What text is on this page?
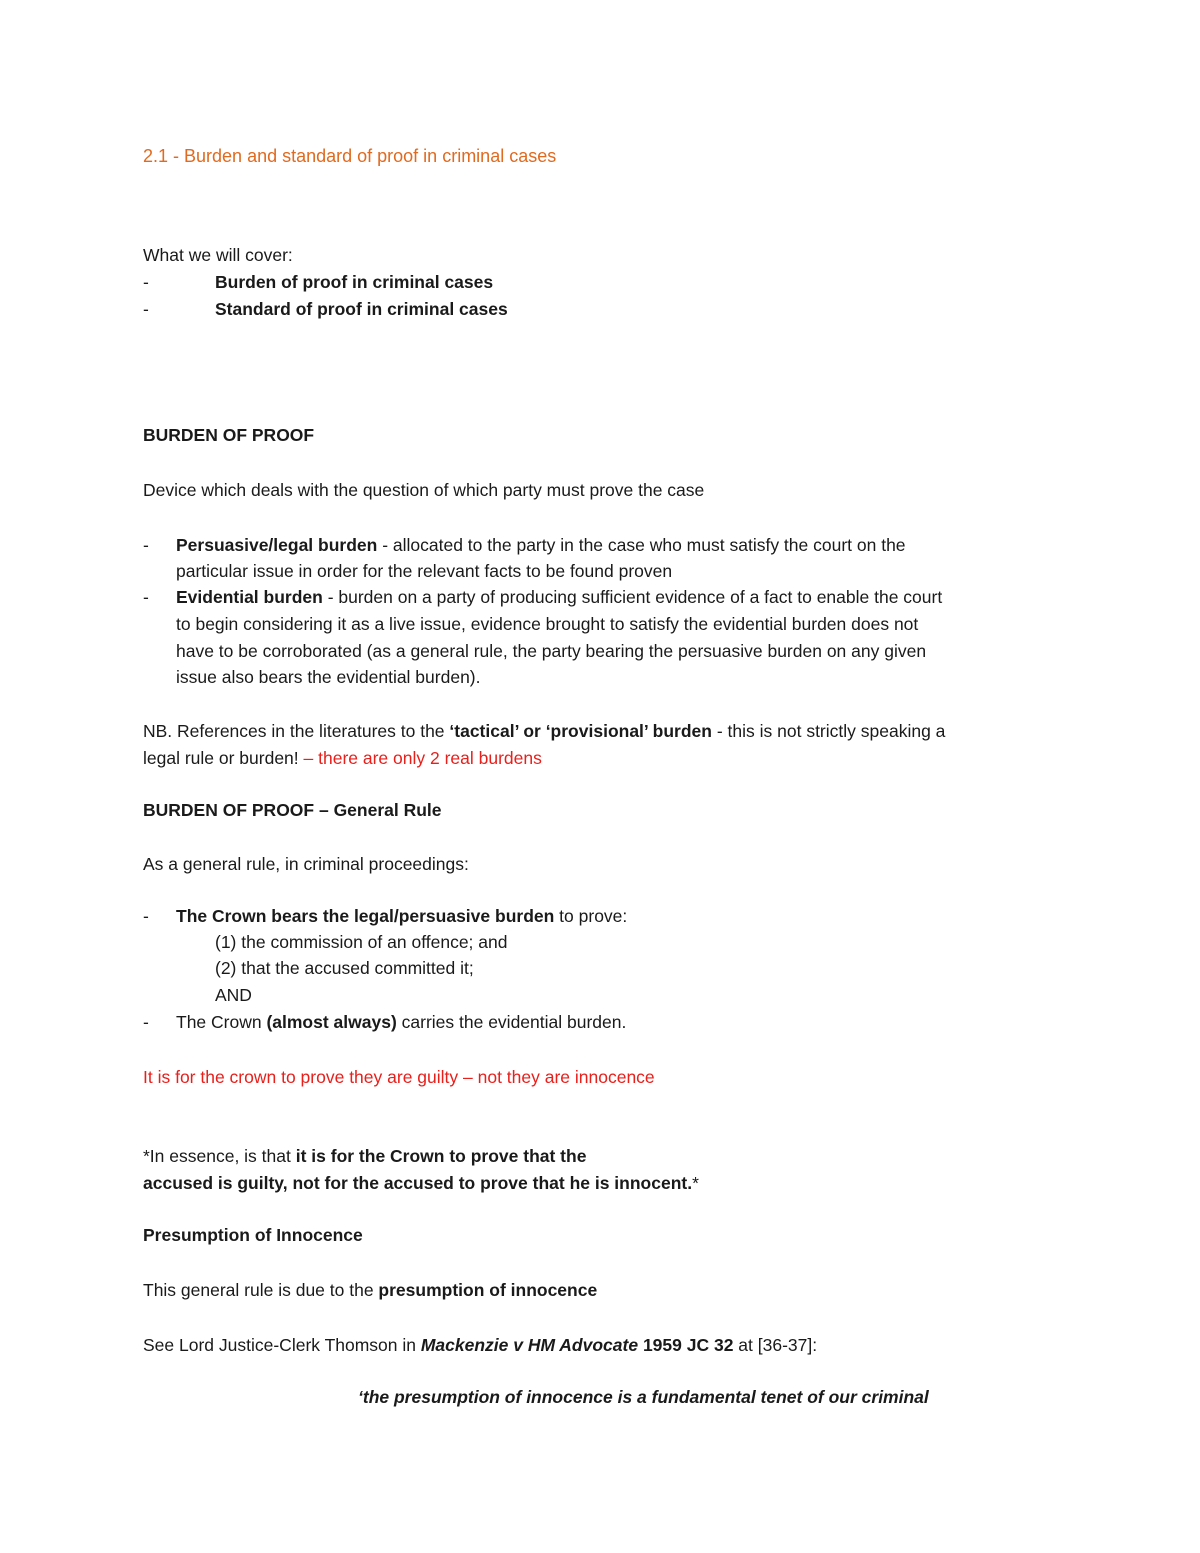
2.1 - Burden and standard of proof in criminal cases
What we will cover:
-	Burden of proof in criminal cases
-	Standard of proof in criminal cases
BURDEN OF PROOF
Device which deals with the question of which party must prove the case
- Persuasive/legal burden - allocated to the party in the case who must satisfy the court on the
particular issue in order for the relevant facts to be found proven
- Evidential burden - burden on a party of producing sufficient evidence of a fact to enable the court
to begin considering it as a live issue, evidence brought to satisfy the evidential burden does not
have to be corroborated (as a general rule, the party bearing the persuasive burden on any given
issue also bears the evidential burden).
NB. References in the literatures to the ‘tactical’ or ‘provisional’ burden - this is not strictly speaking a
legal rule or burden! – there are only 2 real burdens
BURDEN OF PROOF – General Rule
As a general rule, in criminal proceedings:
- The Crown bears the legal/persuasive burden to prove:
(1) the commission of an offence; and
(2) that the accused committed it;
AND
- The Crown (almost always) carries the evidential burden.
It is for the crown to prove they are guilty – not they are innocence
*In essence, is that it is for the Crown to prove that the
accused is guilty, not for the accused to prove that he is innocent.*
Presumption of Innocence
This general rule is due to the presumption of innocence
See Lord Justice-Clerk Thomson in Mackenzie v HM Advocate 1959 JC 32 at [36-37]:
‘the presumption of innocence is a fundamental tenet of our criminal
